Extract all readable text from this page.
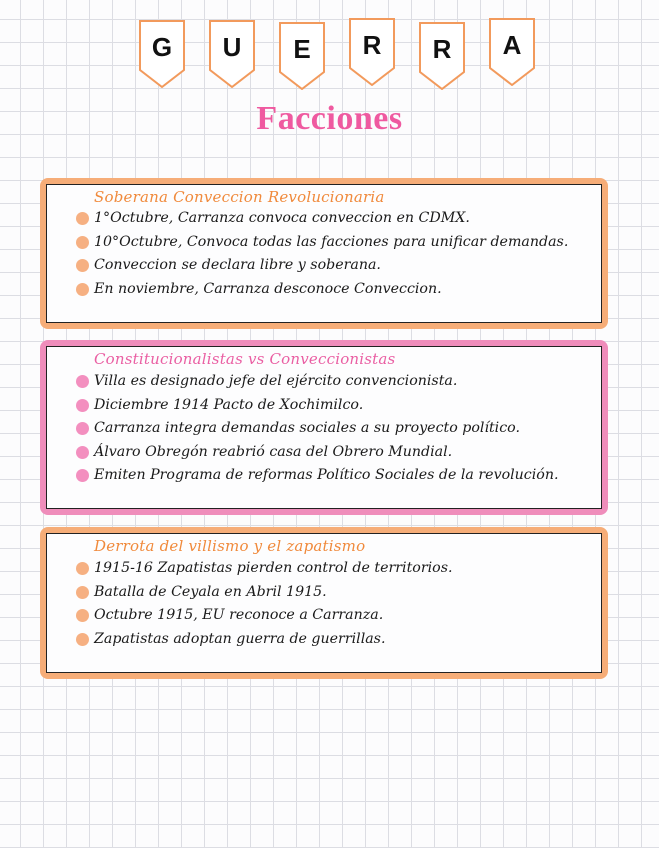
G	U	E	R	R	A
Facciones
Soberana Conveccion Revolucionaria
1°Octubre, Carranza convoca conveccion en CDMX.
10°Octubre, Convoca todas las facciones para unificar demandas.
Conveccion se declara libre y soberana.
En noviembre, Carranza desconoce Conveccion.
Constitucionalistas vs Conveccionistas
Villa es designado jefe del ejército convencionista.
Diciembre 1914 Pacto de Xochimilco.
Carranza integra demandas sociales a su proyecto político.
Álvaro Obregón reabrió casa del Obrero Mundial.
Emiten Programa de reformas Político Sociales de la revolución.
Derrota del villismo y el zapatismo
1915-16 Zapatistas pierden control de territorios.
Batalla de Ceyala en Abril 1915.
Octubre 1915, EU reconoce a Carranza.
Zapatistas adoptan guerra de guerrillas.
